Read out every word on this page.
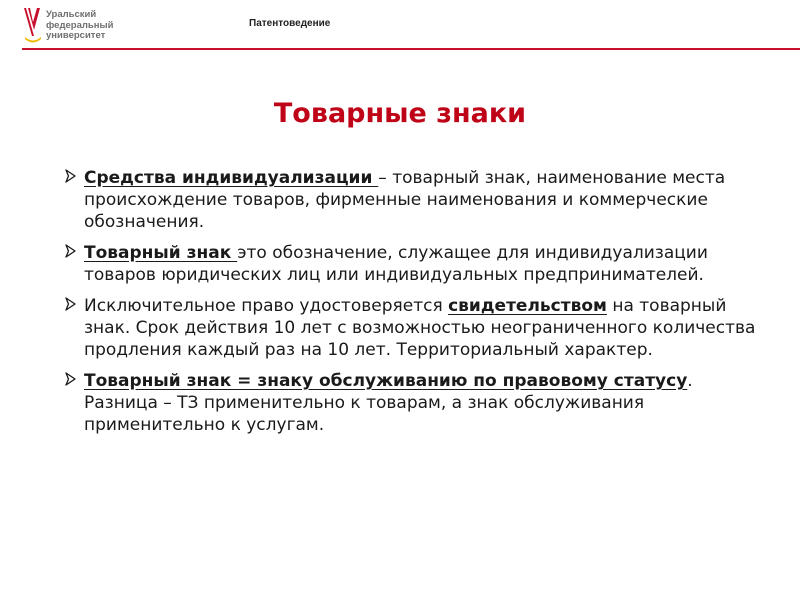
Уральский
федеральный
университет
Патентоведение
Товарные знаки
Средства индивидуализации – товарный знак, наименование места происхождение товаров, фирменные наименования и коммерческие обозначения.
Товарный знак это обозначение, служащее для индивидуализации товаров юридических лиц или индивидуальных предпринимателей.
Исключительное право удостоверяется свидетельством на товарный знак. Срок действия 10 лет с возможностью неограниченного количества продления каждый раз на 10 лет. Территориальный характер.
Товарный знак = знаку обслуживанию по правовому статусу. Разница – ТЗ применительно к товарам, а знак обслуживания применительно к услугам.
